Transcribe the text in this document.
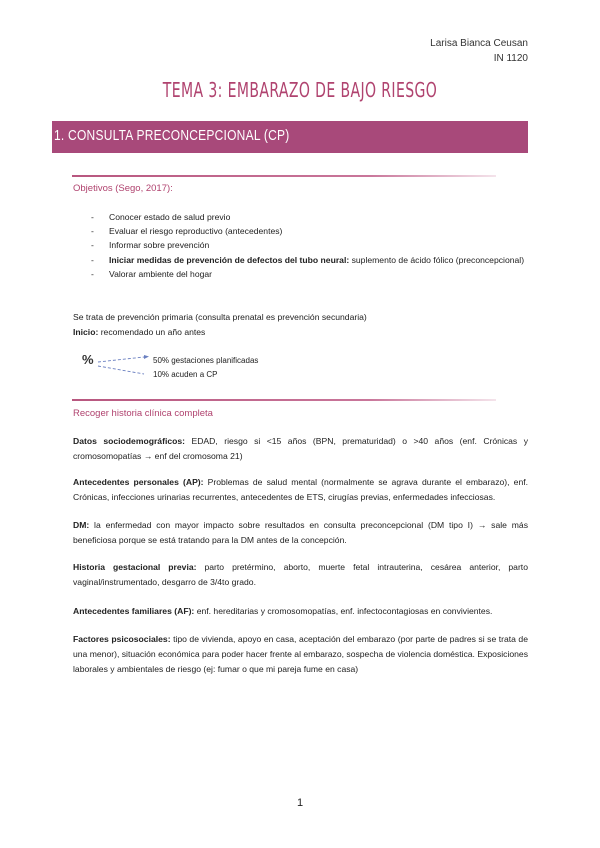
Larisa Bianca Ceusan
IN 1120
TEMA 3: EMBARAZO DE BAJO RIESGO
1. CONSULTA PRECONCEPCIONAL (CP)
Objetivos (Sego, 2017):
- Conocer estado de salud previo
- Evaluar el riesgo reproductivo (antecedentes)
- Informar sobre prevención
- Iniciar medidas de prevención de defectos del tubo neural: suplemento de ácido fólico (preconcepcional)
- Valorar ambiente del hogar
Se trata de prevención primaria (consulta prenatal es prevención secundaria)
Inicio: recomendado un año antes
%	50% gestaciones planificadas
10% acuden a CP
Recoger historia clínica completa
Datos sociodemográficos: EDAD, riesgo si <15 años (BPN, prematuridad) o >40 años (enf. Crónicas y cromosomopatías → enf del cromosoma 21)
Antecedentes personales (AP): Problemas de salud mental (normalmente se agrava durante el embarazo), enf. Crónicas, infecciones urinarias recurrentes, antecedentes de ETS, cirugías previas, enfermedades infecciosas.
DM: la enfermedad con mayor impacto sobre resultados en consulta preconcepcional (DM tipo I) → sale más beneficiosa porque se está tratando para la DM antes de la concepción.
Historia gestacional previa: parto pretérmino, aborto, muerte fetal intrauterina, cesárea anterior, parto vaginal/instrumentado, desgarro de 3/4to grado.
Antecedentes familiares (AF): enf. hereditarias y cromosomopatías, enf. infectocontagiosas en convivientes.
Factores psicosociales: tipo de vivienda, apoyo en casa, aceptación del embarazo (por parte de padres si se trata de una menor), situación económica para poder hacer frente al embarazo, sospecha de violencia doméstica. Exposiciones laborales y ambientales de riesgo (ej: fumar o que mi pareja fume en casa)
1
